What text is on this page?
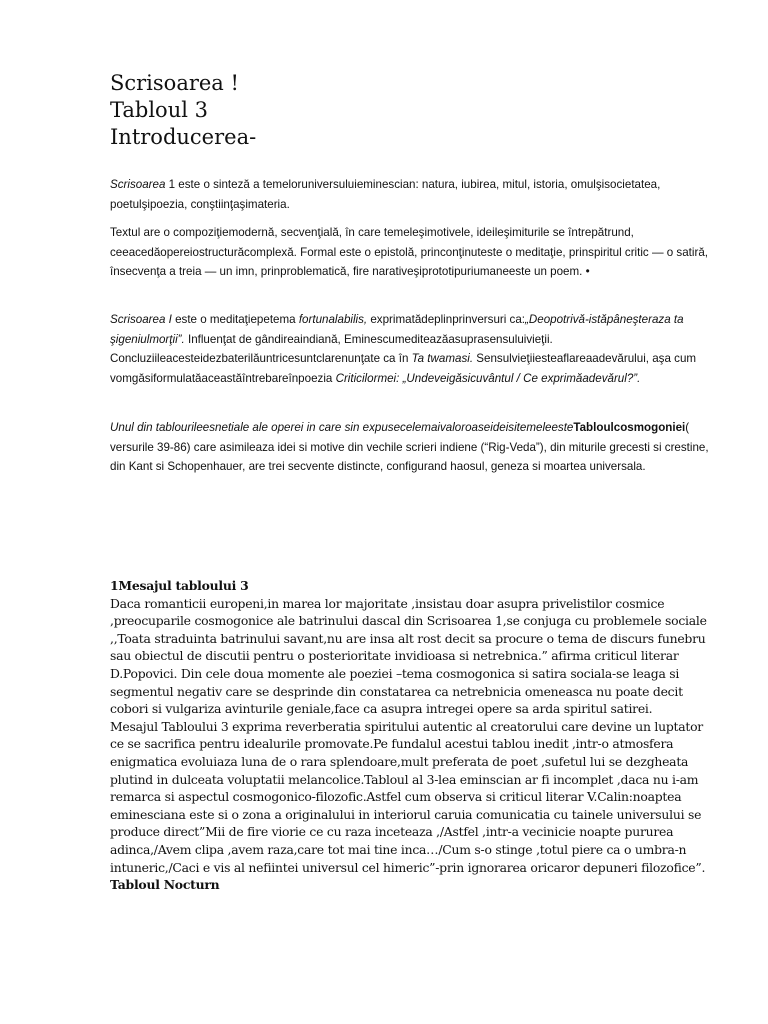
Scrisoarea !
Tabloul 3
Introducerea-

Scrisoarea 1 este o sinteză a temeloruniversuluieminescian: natura, iubirea, mitul, istoria, omulşisocietatea, poetulşipoezia, conştiinţaşimateria.

Textul are o compoziţiemodernă, secvenţială, în care temeleşimotivele, ideileşimiturile se întrepătrund, ceeacedăopereiostructurăcomplexă. Formal este o epistolă, princonţinuteste o meditaţie, prinspiritul critic — o satiră, însecvenţa a treia — un imn, prinproblematică, fire narativeşiprototipuriumaneeste un poem. •

Scrisoarea I este o meditaţiepetema fortunalabilis, exprimatădeplinprinversuri ca:„Deopotrivă-istăpâneşteraza ta şigeniulmorţii”. Influenţat de gândireaindiană, Eminescumediteazăasuprasensuluivieţii. Concluziileacesteidezbaterilăuntricesuntclarenunţate ca în Ta twamasi. Sensulvieţiiesteaflareaadevărului, aşa cum vomgăsiformulatăaceastăîntrebareînpoezia Criticilormei: „Undeveigăsicuvântul / Ce exprimăadevărul?”.

Unul din tablourileesnetiale ale operei in care sin expusecelemaivaloroaseideisitemeleesteTabloulcosmogoniei( versurile 39-86) care asimileaza idei si motive din vechile scrieri indiene (“Rig-Veda”), din miturile grecesti si crestine, din Kant si Schopenhauer, are trei secvente distincte, configurand haosul, geneza si moartea universala.

1Mesajul tabloului 3

Daca romanticii europeni,in marea lor majoritate ,insistau doar asupra privelistilor cosmice ,preocuparile cosmogonice ale batrinului dascal din Scrisoarea 1,se conjuga cu problemele sociale ,,Toata straduinta batrinului savant,nu are insa alt rost decit sa procure o tema de discurs funebru sau obiectul de discutii pentru o posterioritate invidioasa si netrebnica.” afirma criticul literar D.Popovici. Din cele doua momente ale poeziei –tema cosmogonica si satira sociala-se leaga si segmentul negativ care se desprinde din constatarea ca netrebnicia omeneasca nu poate decit cobori si vulgariza avinturile geniale,face ca asupra intregei opere sa arda spiritul satirei.

Mesajul Tabloului 3 exprima reverberatia spiritului autentic al creatorului care devine un luptator ce se sacrifica pentru idealurile promovate.Pe fundalul acestui tablou inedit ,intr-o atmosfera enigmatica evoluiaza luna de o rara splendoare,mult preferata de poet ,sufetul lui se dezgheata plutind in dulceata voluptatii melancolice.Tabloul al 3-lea eminscian ar fi incomplet ,daca nu i-am remarca si aspectul cosmogonico-filozofic.Astfel cum observa si criticul literar V.Calin:noaptea eminesciana este si o zona a originalului in interiorul caruia comunicatia cu tainele universului se produce direct”Mii de fire viorie ce cu raza inceteaza ,/Astfel ,intr-a vecinicie noapte pururea adinca,/Avem clipa ,avem raza,care tot mai tine inca…/Cum s-o stinge ,totul piere ca o umbra-n intuneric,/Caci e vis al nefiintei universul cel himeric”-prin ignorarea oricaror depuneri filozofice”.

Tabloul Nocturn
